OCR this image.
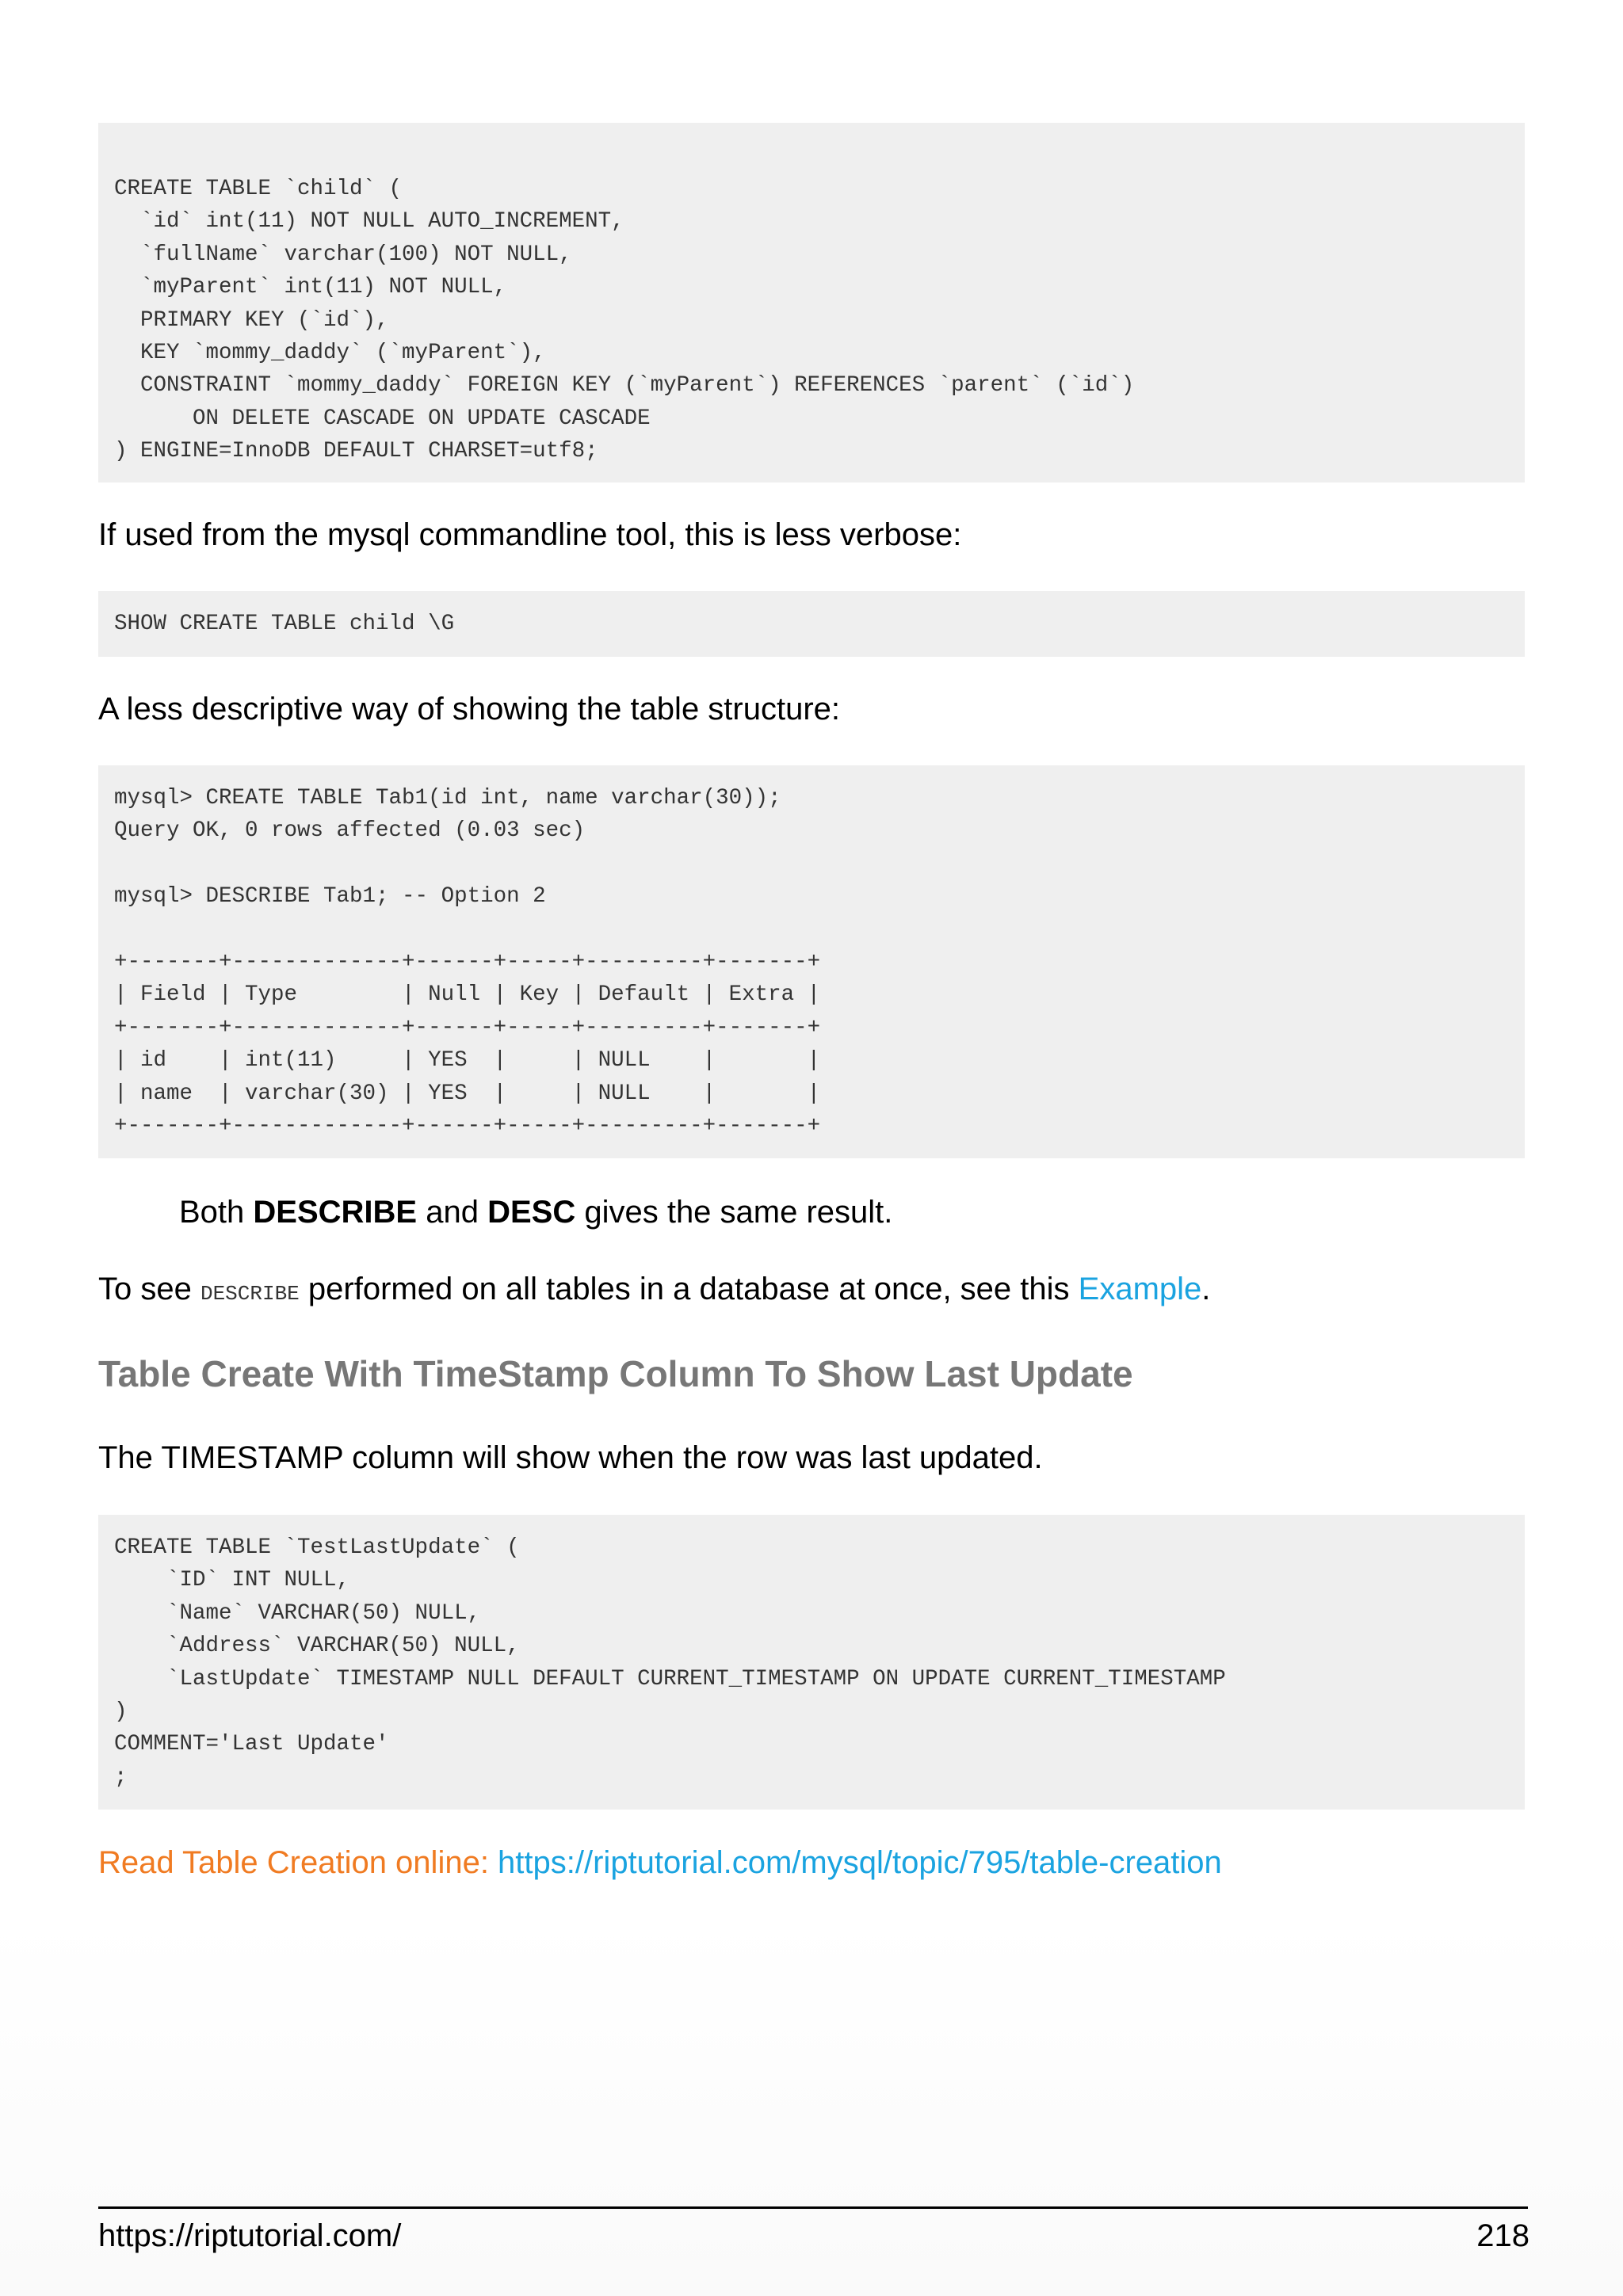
CREATE TABLE `child` (
`id` int(11) NOT NULL AUTO_INCREMENT,
`fullName` varchar(100) NOT NULL,
`myParent` int(11) NOT NULL,
PRIMARY KEY (`id`),
KEY `mommy_daddy` (`myParent`),
CONSTRAINT `mommy_daddy` FOREIGN KEY (`myParent`) REFERENCES `parent` (`id`)
ON DELETE CASCADE ON UPDATE CASCADE
) ENGINE=InnoDB DEFAULT CHARSET=utf8;
If used from the mysql commandline tool, this is less verbose:
SHOW CREATE TABLE child \G
A less descriptive way of showing the table structure:
mysql> CREATE TABLE Tab1(id int, name varchar(30));
Query OK, 0 rows affected (0.03 sec)

mysql> DESCRIBE Tab1; -- Option 2

+-------+-------------+------+-----+---------+-------+
| Field | Type        | Null | Key | Default | Extra |
+-------+-------------+------+-----+---------+-------+
| id    | int(11)     | YES  |     | NULL    |       |
| name  | varchar(30) | YES  |     | NULL    |       |
+-------+-------------+------+-----+---------+-------+
Both DESCRIBE and DESC gives the same result.
To see DESCRIBE performed on all tables in a database at once, see this Example.
Table Create With TimeStamp Column To Show Last Update
The TIMESTAMP column will show when the row was last updated.
CREATE TABLE `TestLastUpdate` (
`ID` INT NULL,
`Name` VARCHAR(50) NULL,
`Address` VARCHAR(50) NULL,
`LastUpdate` TIMESTAMP NULL DEFAULT CURRENT_TIMESTAMP ON UPDATE CURRENT_TIMESTAMP
)
COMMENT='Last Update'
;
Read Table Creation online: https://riptutorial.com/mysql/topic/795/table-creation
https://riptutorial.com/	218
